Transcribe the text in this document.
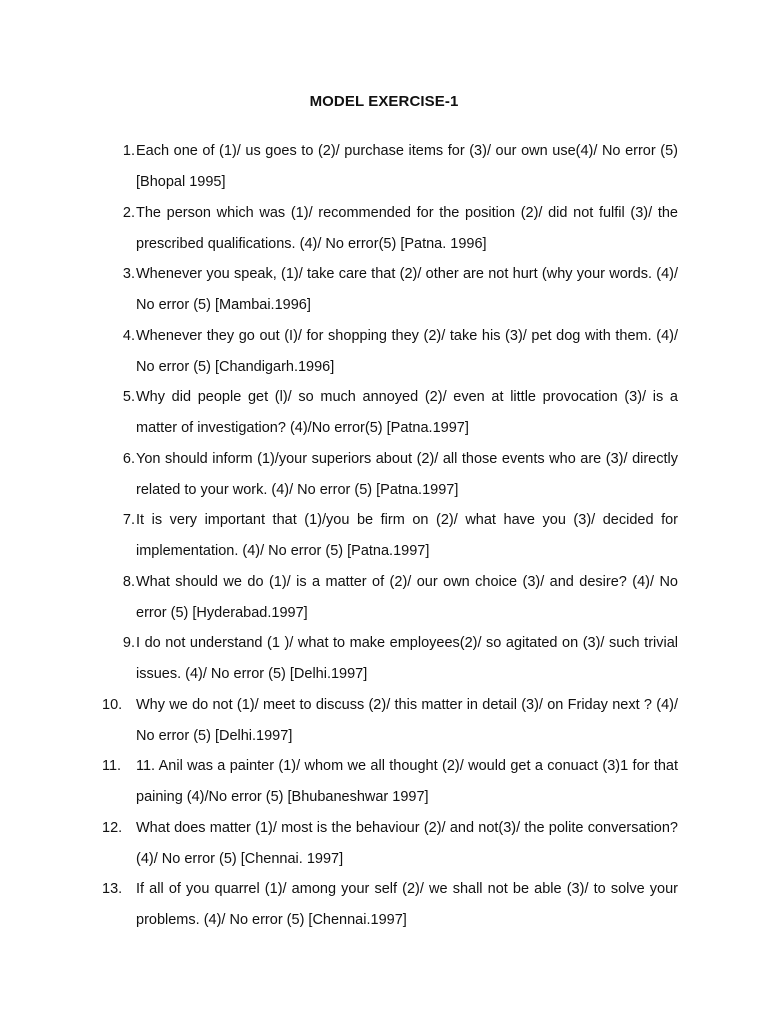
MODEL EXERCISE-1
1. Each one of (1)/ us goes to (2)/ purchase items for (3)/ our own use(4)/ No error (5) [Bhopal 1995]
2. The person which was (1)/ recommended for the position (2)/ did not fulfil (3)/ the prescribed qualifications. (4)/ No error(5) [Patna. 1996]
3. Whenever you speak, (1)/ take care that (2)/ other are not hurt (why your words. (4)/ No error (5) [Mambai.1996]
4. Whenever they go out (I)/ for shopping they (2)/ take his (3)/ pet dog with them. (4)/ No error (5) [Chandigarh.1996]
5. Why did people get (l)/ so much annoyed (2)/ even at little provocation (3)/ is a matter of investigation? (4)/No error(5) [Patna.1997]
6. Yon should inform (1)/your superiors about (2)/ all those events who are (3)/ directly related to your work. (4)/ No error (5) [Patna.1997]
7. It is very important that (1)/you be firm on (2)/ what have you (3)/ decided for implementation. (4)/ No error (5) [Patna.1997]
8. What should we do (1)/ is a matter of (2)/ our own choice (3)/ and desire? (4)/ No error (5) [Hyderabad.1997]
9. I do not understand (1 )/ what to make employees(2)/ so agitated on (3)/ such trivial issues. (4)/ No error (5) [Delhi.1997]
10. Why we do not (1)/ meet to discuss (2)/ this matter in detail (3)/ on Friday next ? (4)/ No error (5) [Delhi.1997]
11.	11. Anil was a painter (1)/ whom we all thought (2)/ would get a conuact (3)1 for that paining (4)/No error (5) [Bhubaneshwar 1997]
12. What does matter (1)/ most is the behaviour (2)/ and not(3)/ the polite conversation? (4)/ No error (5) [Chennai. 1997]
13. If all of you quarrel (1)/ among your self (2)/ we shall not be able (3)/ to solve your problems. (4)/ No error (5) [Chennai.1997]
